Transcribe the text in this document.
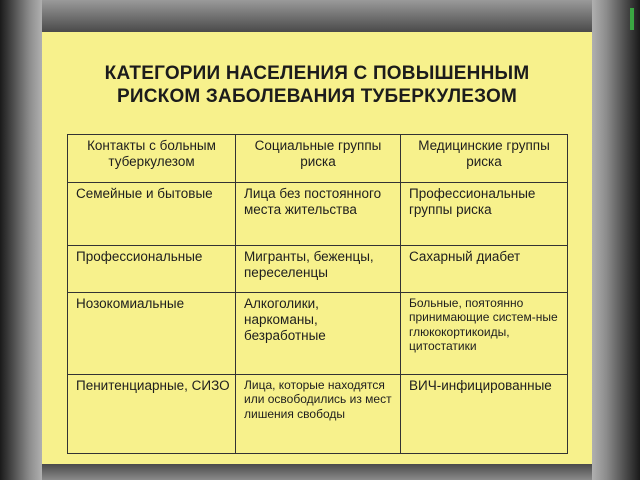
КАТЕГОРИИ НАСЕЛЕНИЯ С ПОВЫШЕННЫМ
РИСКОМ ЗАБОЛЕВАНИЯ ТУБЕРКУЛЕЗОМ
Контакты с больным туберкулезом	Социальные группы риска	Медицинские группы риска
Семейные и бытовые	Лица без постоянного места жительства	Профессиональные группы риска
Профессиональные	Мигранты, беженцы, переселенцы	Сахарный диабет
Нозокомиальные	Алкоголики, наркоманы, безработные	Больные, поятоянно принимающие систем-ные глюкокортикоиды, цитостатики
Пенитенциарные, СИЗО	Лица, которые находятся или освободились из мест лишения свободы	ВИЧ-инфицированные
